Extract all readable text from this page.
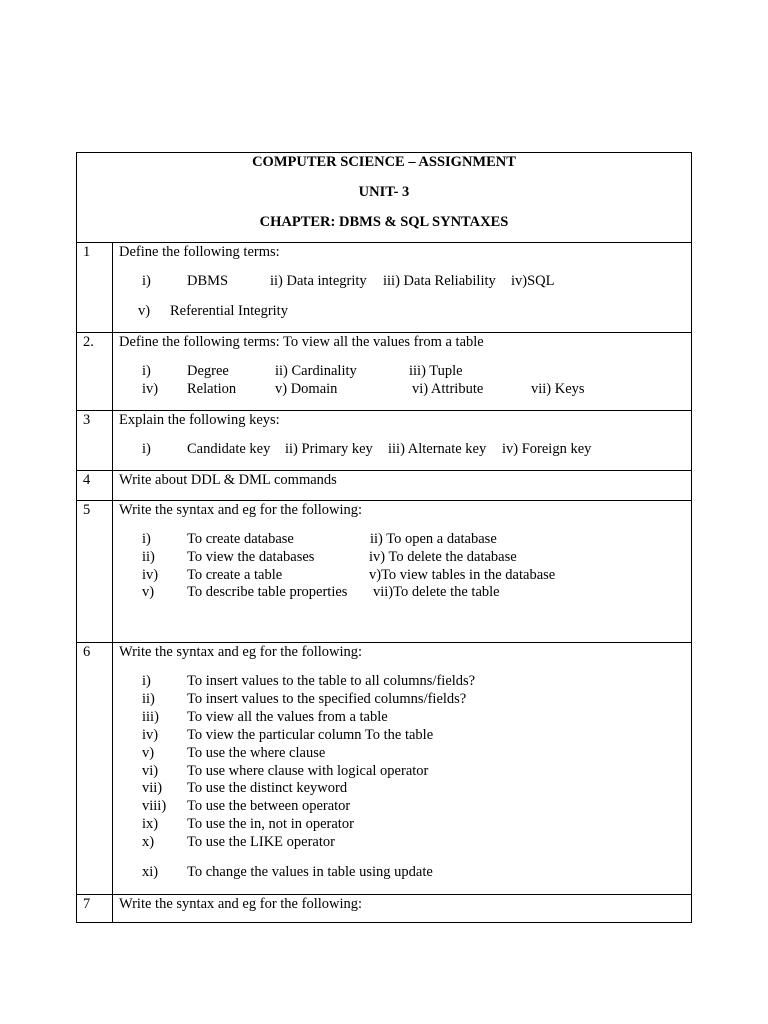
COMPUTER SCIENCE – ASSIGNMENT
UNIT- 3
CHAPTER: DBMS & SQL SYNTAXES
1	Define the following terms:
i) DBMS	ii) Data integrity iii) Data Reliability iv)SQL
v) Referential Integrity
2.	Define the following terms: To view all the values from a table
i) Degree	ii) Cardinality	iii) Tuple
iv) Relation	v) Domain	vi) Attribute	vii) Keys
3	Explain the following keys:
i) Candidate key ii) Primary key iii) Alternate key iv) Foreign key
4	Write about DDL & DML commands
5	Write the syntax and eg for the following:
i) To create database	ii) To open a database
ii) To view the databases	iv) To delete the database
iv) To create a table	v)To view tables in the database
v) To describe table properties vii)To delete the table
6	Write the syntax and eg for the following:
i) To insert values to the table to all columns/fields?
ii) To insert values to the specified columns/fields?
iii) To view all the values from a table
iv) To view the particular column To the table
v) To use the where clause
vi) To use where clause with logical operator
vii) To use the distinct keyword
viii) To use the between operator
ix) To use the in, not in operator
x) To use the LIKE operator
xi) To change the values in table using update
7	Write the syntax and eg for the following:
